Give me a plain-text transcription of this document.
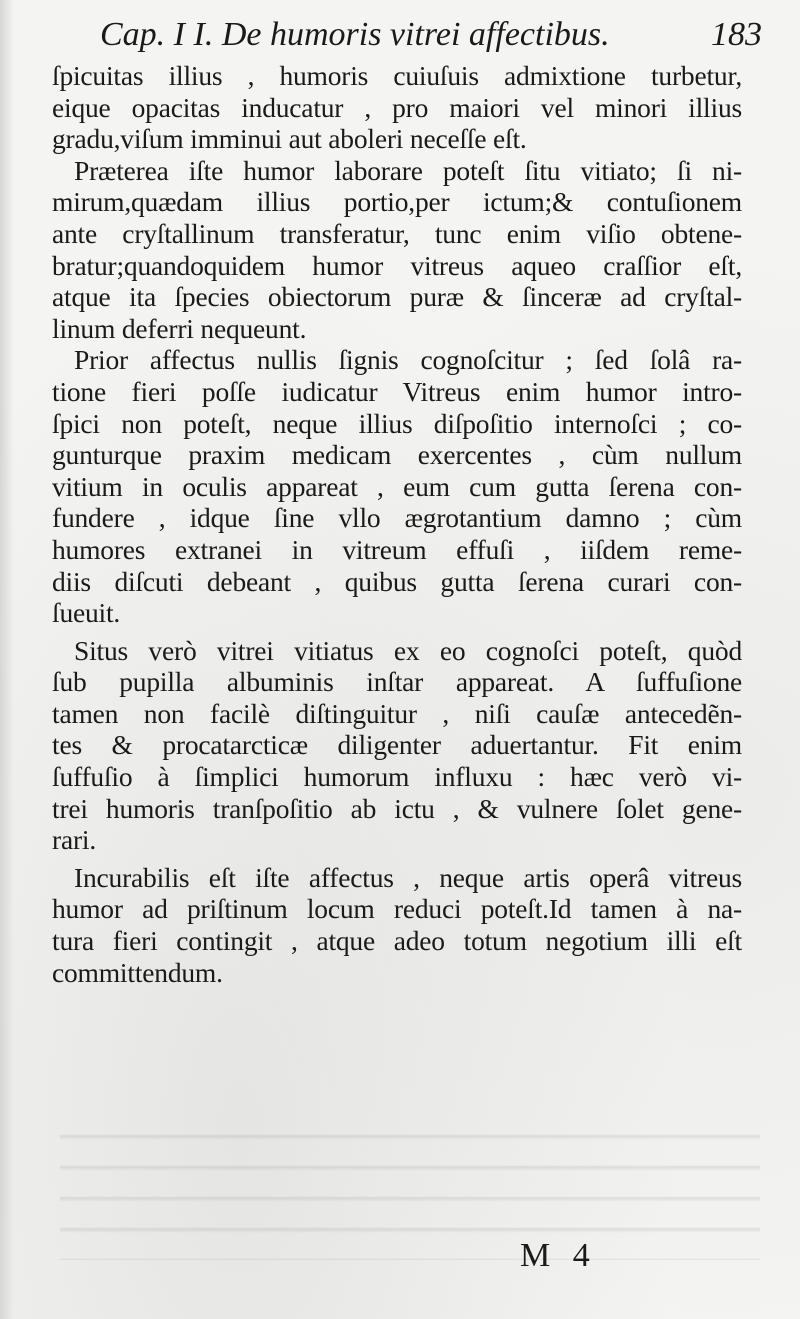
Cap. I I. De humoris vitrei affectibus.	183
ſpicuitas illius , humoris cuiuſuis admixtione turbetur,
eique opacitas inducatur , pro maiori vel minori illius
gradu,viſum imminui aut aboleri neceſſe eſt.
Præterea iſte humor laborare poteſt ſitu vitiato; ſi ni-
mirum,quædam illius portio,per ictum;& contuſionem
ante cryſtallinum transferatur, tunc enim viſio obtene-
bratur;quandoquidem humor vitreus aqueo craſſior eſt,
atque ita ſpecies obiectorum puræ & ſinceræ ad cryſtal-
linum deferri nequeunt.
Prior affectus nullis ſignis cognoſcitur ; ſed ſolâ ra-
tione fieri poſſe iudicatur Vitreus enim humor intro-
ſpici non poteſt, neque illius diſpoſitio internoſci ; co-
gunturque praxim medicam exercentes , cùm nullum
vitium in oculis appareat , eum cum gutta ſerena con-
fundere , idque ſine vllo ægrotantium damno ; cùm
humores extranei in vitreum effuſi , iiſdem reme-
diis diſcuti debeant , quibus gutta ſerena curari con-
ſueuit.
Situs verò vitrei vitiatus ex eo cognoſci poteſt, quòd
ſub pupilla albuminis inſtar appareat. A ſuffuſione
tamen non facilè diſtinguitur , niſi cauſæ antecedẽn-
tes & procatarcticæ diligenter aduertantur. Fit enim
ſuffuſio à ſimplici humorum influxu : hæc verò vi-
trei humoris tranſpoſitio ab ictu , & vulnere ſolet gene-
rari.
Incurabilis eſt iſte affectus , neque artis operâ vitreus
humor ad priſtinum locum reduci poteſt.Id tamen à na-
tura fieri contingit , atque adeo totum negotium illi eſt
committendum.
M 4
